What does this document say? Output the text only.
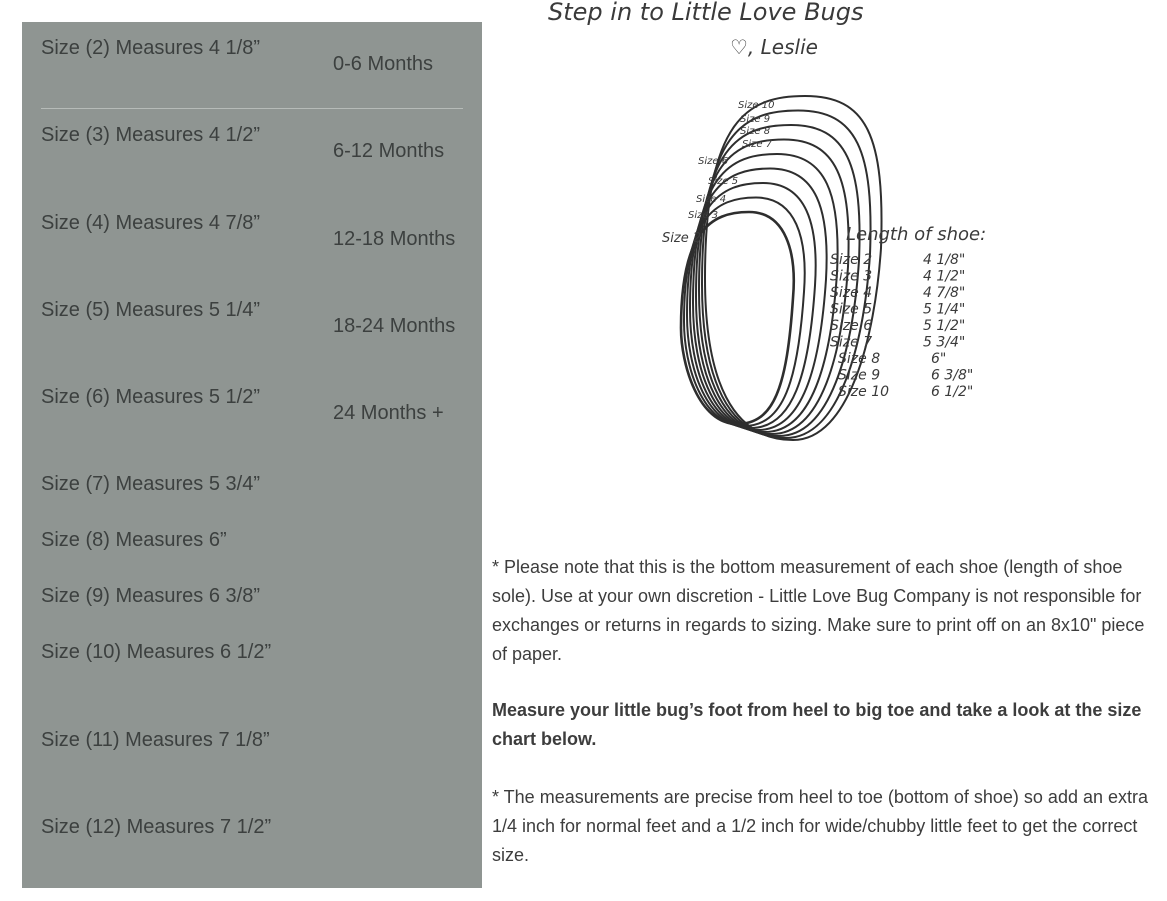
Size (2) Measures 4 1/8”
0-6 Months
Size (3) Measures 4 1/2”
6-12 Months
Size (4) Measures 4 7/8”
12-18 Months
Size (5) Measures 5 1/4”
18-24 Months
Size (6) Measures 5 1/2”
24 Months +
Size (7) Measures 5 3/4”
Size (8) Measures 6”
Size (9) Measures 6 3/8”
Size (10) Measures 6 1/2”
Size (11) Measures 7 1/8”
Size (12) Measures 7 1/2”
Step in to Little Love Bugs
♡, Leslie
Size 10
Size 9
Size 8
Size 7
Size 6
Size 5
Size 4
Size 3
Size 2	Length of shoe:
Size 2	4 1/8"
Size 3	4 1/2"
Size 4	4 7/8"
Size 5	5 1/4"
Size 6	5 1/2"
Size 7	5 3/4"
Size 8	6"
Size 9	6 3/8"
Size 10	6 1/2"
* Please note that this is the bottom measurement of each shoe (length of shoe sole). Use at your own discretion - Little Love Bug Company is not responsible for exchanges or returns in regards to sizing. Make sure to print off on an 8x10" piece of paper.
Measure your little bug’s foot from heel to big toe and take a look at the size chart below.
* The measurements are precise from heel to toe (bottom of shoe) so add an extra 1/4 inch for normal feet and a 1/2 inch for wide/chubby little feet to get the correct size.
